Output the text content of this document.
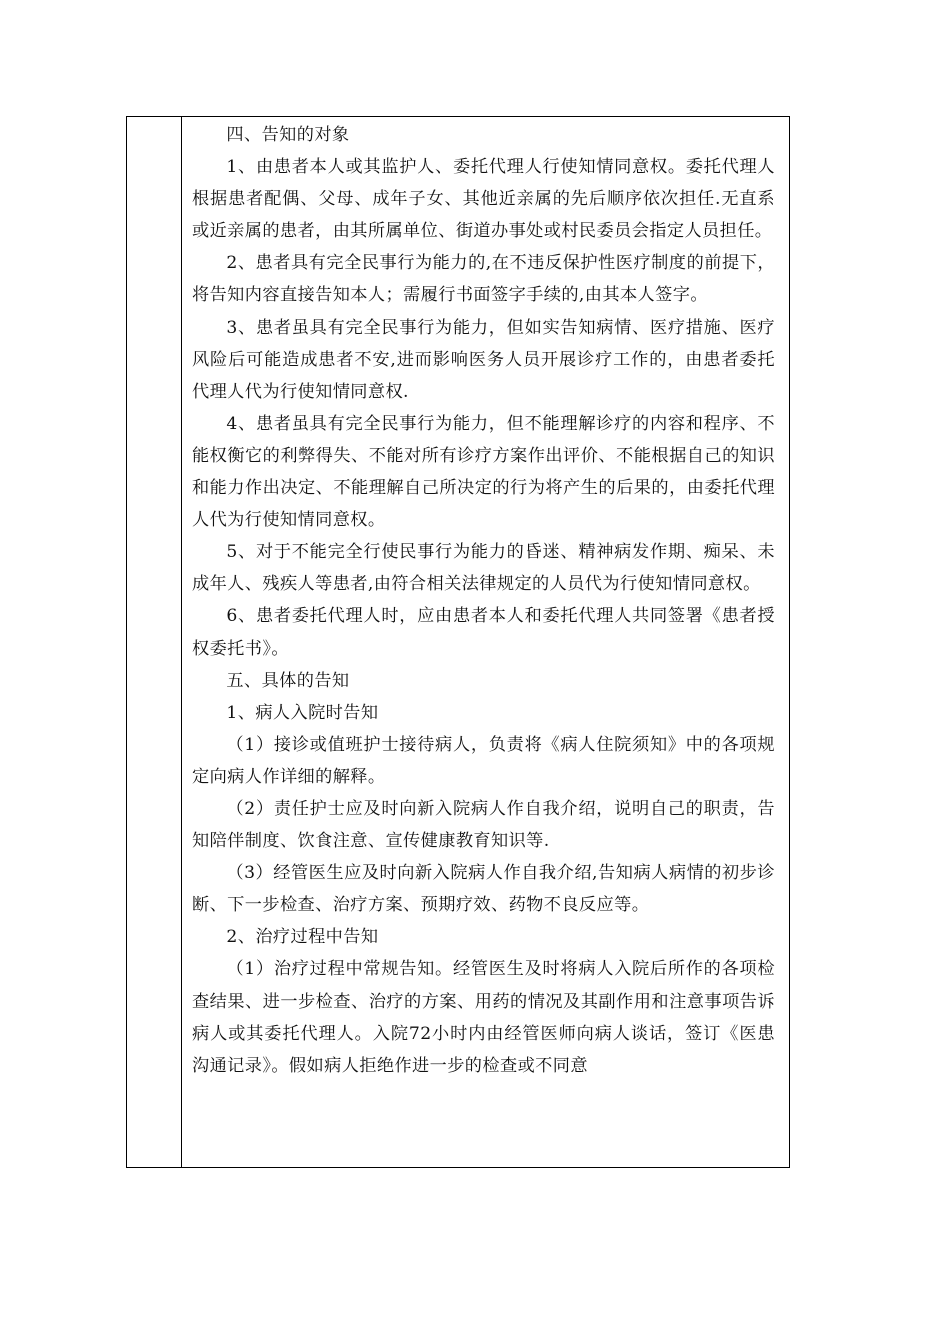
四、告知的对象

1、由患者本人或其监护人、委托代理人行使知情同意权。委托代理人根据患者配偶、父母、成年子女、其他近亲属的先后顺序依次担任.无直系或近亲属的患者，由其所属单位、街道办事处或村民委员会指定人员担任。

2、患者具有完全民事行为能力的,在不违反保护性医疗制度的前提下，将告知内容直接告知本人；需履行书面签字手续的,由其本人签字。

3、患者虽具有完全民事行为能力，但如实告知病情、医疗措施、医疗风险后可能造成患者不安,进而影响医务人员开展诊疗工作的，由患者委托代理人代为行使知情同意权.

4、患者虽具有完全民事行为能力，但不能理解诊疗的内容和程序、不能权衡它的利弊得失、不能对所有诊疗方案作出评价、不能根据自己的知识和能力作出决定、不能理解自己所决定的行为将产生的后果的，由委托代理人代为行使知情同意权。

5、对于不能完全行使民事行为能力的昏迷、精神病发作期、痴呆、未成年人、残疾人等患者,由符合相关法律规定的人员代为行使知情同意权。

6、患者委托代理人时，应由患者本人和委托代理人共同签署《患者授权委托书》。

五、具体的告知

1、病人入院时告知

（1）接诊或值班护士接待病人，负责将《病人住院须知》中的各项规定向病人作详细的解释。

（2）责任护士应及时向新入院病人作自我介绍，说明自己的职责，告知陪伴制度、饮食注意、宣传健康教育知识等.

（3）经管医生应及时向新入院病人作自我介绍,告知病人病情的初步诊断、下一步检查、治疗方案、预期疗效、药物不良反应等。

2、治疗过程中告知

（1）治疗过程中常规告知。经管医生及时将病人入院后所作的各项检查结果、进一步检查、治疗的方案、用药的情况及其副作用和注意事项告诉病人或其委托代理人。入院72小时内由经管医师向病人谈话，签订《医患沟通记录》。假如病人拒绝作进一步的检查或不同意
